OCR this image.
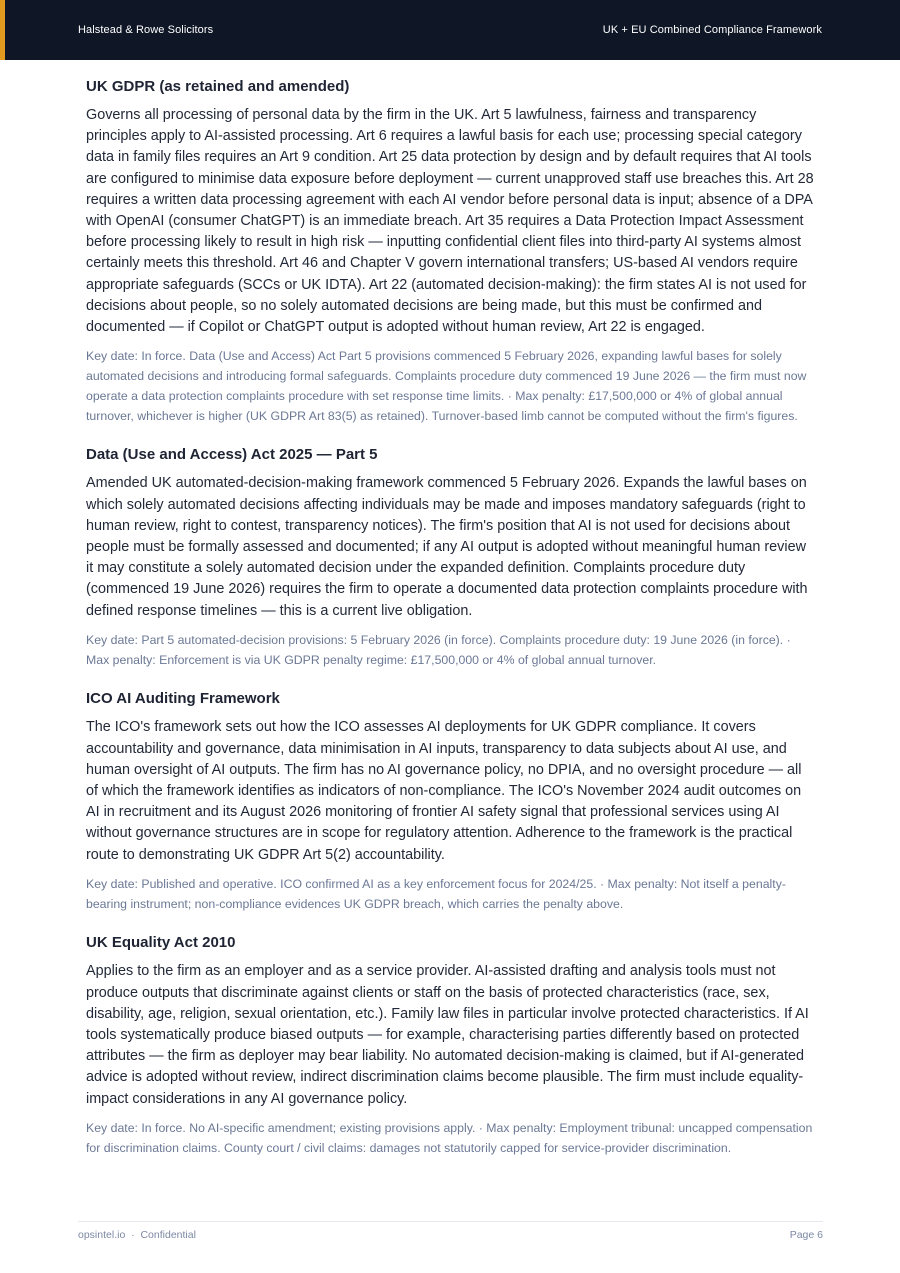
Halstead & Rowe Solicitors	UK + EU Combined Compliance Framework
UK GDPR (as retained and amended)

Governs all processing of personal data by the firm in the UK. Art 5 lawfulness, fairness and transparency principles apply to AI-assisted processing. Art 6 requires a lawful basis for each use; processing special category data in family files requires an Art 9 condition. Art 25 data protection by design and by default requires that AI tools are configured to minimise data exposure before deployment — current unapproved staff use breaches this. Art 28 requires a written data processing agreement with each AI vendor before personal data is input; absence of a DPA with OpenAI (consumer ChatGPT) is an immediate breach. Art 35 requires a Data Protection Impact Assessment before processing likely to result in high risk — inputting confidential client files into third-party AI systems almost certainly meets this threshold. Art 46 and Chapter V govern international transfers; US-based AI vendors require appropriate safeguards (SCCs or UK IDTA). Art 22 (automated decision-making): the firm states AI is not used for decisions about people, so no solely automated decisions are being made, but this must be confirmed and documented — if Copilot or ChatGPT output is adopted without human review, Art 22 is engaged.

Key date: In force. Data (Use and Access) Act Part 5 provisions commenced 5 February 2026, expanding lawful bases for solely automated decisions and introducing formal safeguards. Complaints procedure duty commenced 19 June 2026 — the firm must now operate a data protection complaints procedure with set response time limits. · Max penalty: £17,500,000 or 4% of global annual turnover, whichever is higher (UK GDPR Art 83(5) as retained). Turnover-based limb cannot be computed without the firm's figures.

Data (Use and Access) Act 2025 — Part 5

Amended UK automated-decision-making framework commenced 5 February 2026. Expands the lawful bases on which solely automated decisions affecting individuals may be made and imposes mandatory safeguards (right to human review, right to contest, transparency notices). The firm's position that AI is not used for decisions about people must be formally assessed and documented; if any AI output is adopted without meaningful human review it may constitute a solely automated decision under the expanded definition. Complaints procedure duty (commenced 19 June 2026) requires the firm to operate a documented data protection complaints procedure with defined response timelines — this is a current live obligation.

Key date: Part 5 automated-decision provisions: 5 February 2026 (in force). Complaints procedure duty: 19 June 2026 (in force). · Max penalty: Enforcement is via UK GDPR penalty regime: £17,500,000 or 4% of global annual turnover.

ICO AI Auditing Framework

The ICO's framework sets out how the ICO assesses AI deployments for UK GDPR compliance. It covers accountability and governance, data minimisation in AI inputs, transparency to data subjects about AI use, and human oversight of AI outputs. The firm has no AI governance policy, no DPIA, and no oversight procedure — all of which the framework identifies as indicators of non-compliance. The ICO's November 2024 audit outcomes on AI in recruitment and its August 2026 monitoring of frontier AI safety signal that professional services using AI without governance structures are in scope for regulatory attention. Adherence to the framework is the practical route to demonstrating UK GDPR Art 5(2) accountability.

Key date: Published and operative. ICO confirmed AI as a key enforcement focus for 2024/25. · Max penalty: Not itself a penalty-bearing instrument; non-compliance evidences UK GDPR breach, which carries the penalty above.

UK Equality Act 2010

Applies to the firm as an employer and as a service provider. AI-assisted drafting and analysis tools must not produce outputs that discriminate against clients or staff on the basis of protected characteristics (race, sex, disability, age, religion, sexual orientation, etc.). Family law files in particular involve protected characteristics. If AI tools systematically produce biased outputs — for example, characterising parties differently based on protected attributes — the firm as deployer may bear liability. No automated decision-making is claimed, but if AI-generated advice is adopted without review, indirect discrimination claims become plausible. The firm must include equality-impact considerations in any AI governance policy.

Key date: In force. No AI-specific amendment; existing provisions apply. · Max penalty: Employment tribunal: uncapped compensation for discrimination claims. County court / civil claims: damages not statutorily capped for service-provider discrimination.

opsintel.io · Confidential	Page 6
